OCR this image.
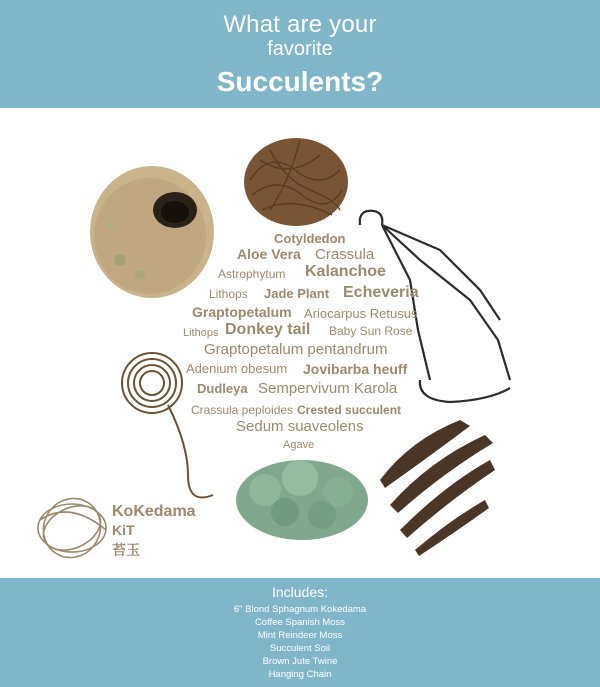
What are your
favorite
Succulents?
Cotyldedon
Aloe Vera Crassula
Astrophytum Kalanchoe
Lithops Jade Plant Echeveria
Graptopetalum Ariocarpus Retusus
Lithops Donkey tail Baby Sun Rose
Graptopetalum pentandrum
Adenium obesum Jovibarba heuff
Dudleya Sempervivum Karola
Crassula peploides Crested succulent
Sedum suaveolens
Agave
KoKedama
KiT
苔玉
Includes:
6" Blond Sphagnum Kokedama
Coffee Spanish Moss
Mint Reindeer Moss
Succulent Soil
Brown Jute Twine
Hanging Chain
